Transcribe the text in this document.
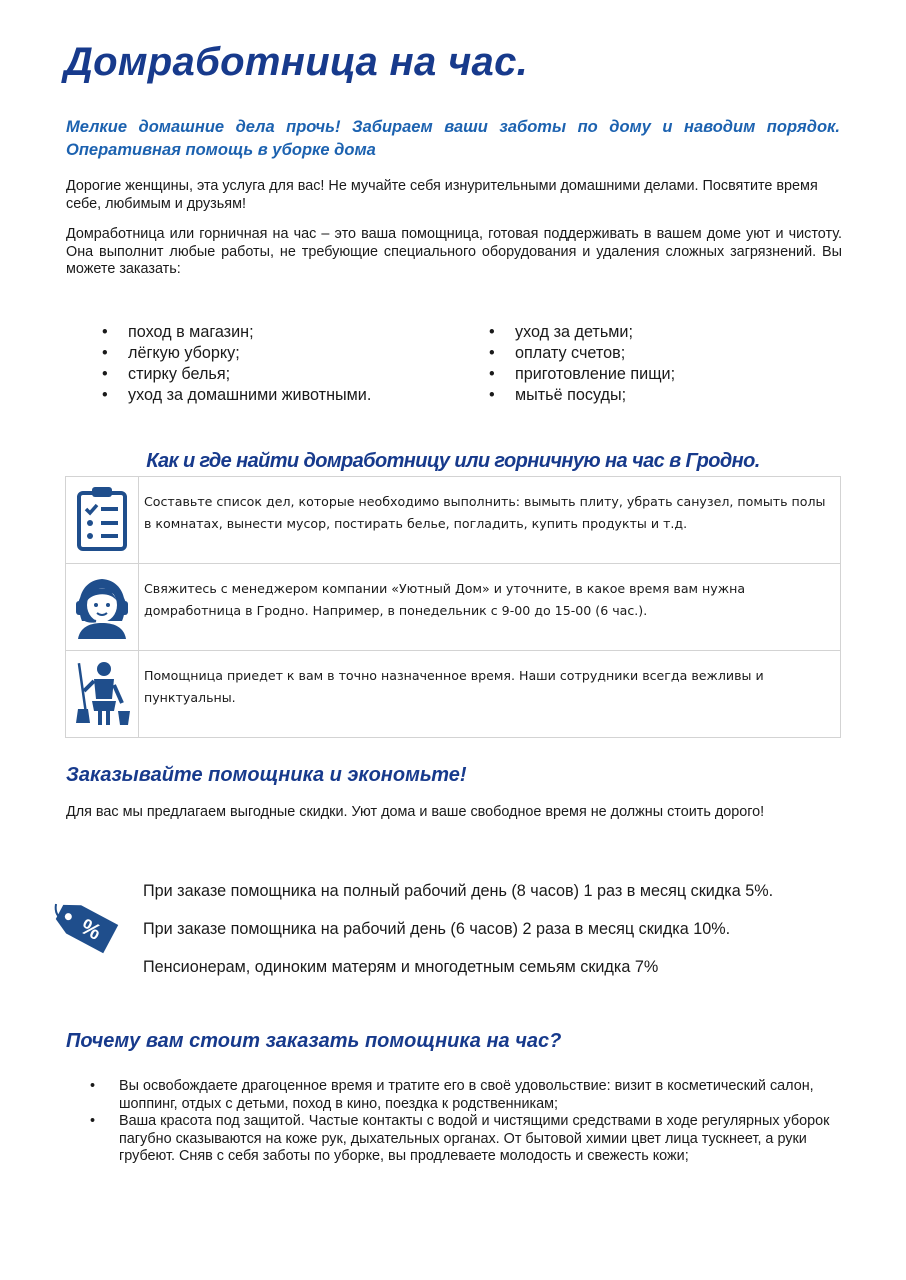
Домработница на час.

Мелкие домашние дела прочь! Забираем ваши заботы по дому и наводим порядок. Оперативная помощь в уборке дома

Дорогие женщины, эта услуга для вас! Не мучайте себя изнурительными домашними делами. Посвятите время себе, любимым и друзьям!

Домработница или горничная на час – это ваша помощница, готовая поддерживать в вашем доме уют и чистоту. Она выполнит любые работы, не требующие специального оборудования и удаления сложных загрязнений. Вы можете заказать:

• поход в магазин;
• лёгкую уборку;
• стирку белья;
• уход за домашними животными.
• уход за детьми;
• оплату счетов;
• приготовление пищи;
• мытьё посуды;
Как и где найти домработницу или горничную на час в Гродно.
	Составьте список дел, которые необходимо выполнить: вымыть плиту, убрать санузел, помыть полы в комнатах, вынести мусор, постирать белье, погладить, купить продукты и т.д.
	Свяжитесь с менеджером компании «Уютный Дом» и уточните, в какое время вам нужна домработница в Гродно. Например, в понедельник с 9-00 до 15-00 (6 час.).
	Помощница приедет к вам в точно назначенное время. Наши сотрудники всегда вежливы и пунктуальны.
Заказывайте помощника и экономьте!

Для вас мы предлагаем выгодные скидки. Уют дома и ваше свободное время не должны стоить дорого!

%

При заказе помощника на полный рабочий день (8 часов) 1 раз в месяц скидка 5%.

При заказе помощника на рабочий день (6 часов) 2 раза в месяц скидка 10%.

Пенсионерам, одиноким матерям и многодетным семьям скидка 7%

Почему вам стоит заказать помощника на час?
• Вы освобождаете драгоценное время и тратите его в своё удовольствие: визит в косметический салон, шоппинг, отдых с детьми, поход в кино, поездка к родственникам;
• Ваша красота под защитой. Частые контакты с водой и чистящими средствами в ходе регулярных уборок пагубно сказываются на коже рук, дыхательных органах. От бытовой химии цвет лица тускнеет, а руки грубеют. Сняв с себя заботы по уборке, вы продлеваете молодость и свежесть кожи;
